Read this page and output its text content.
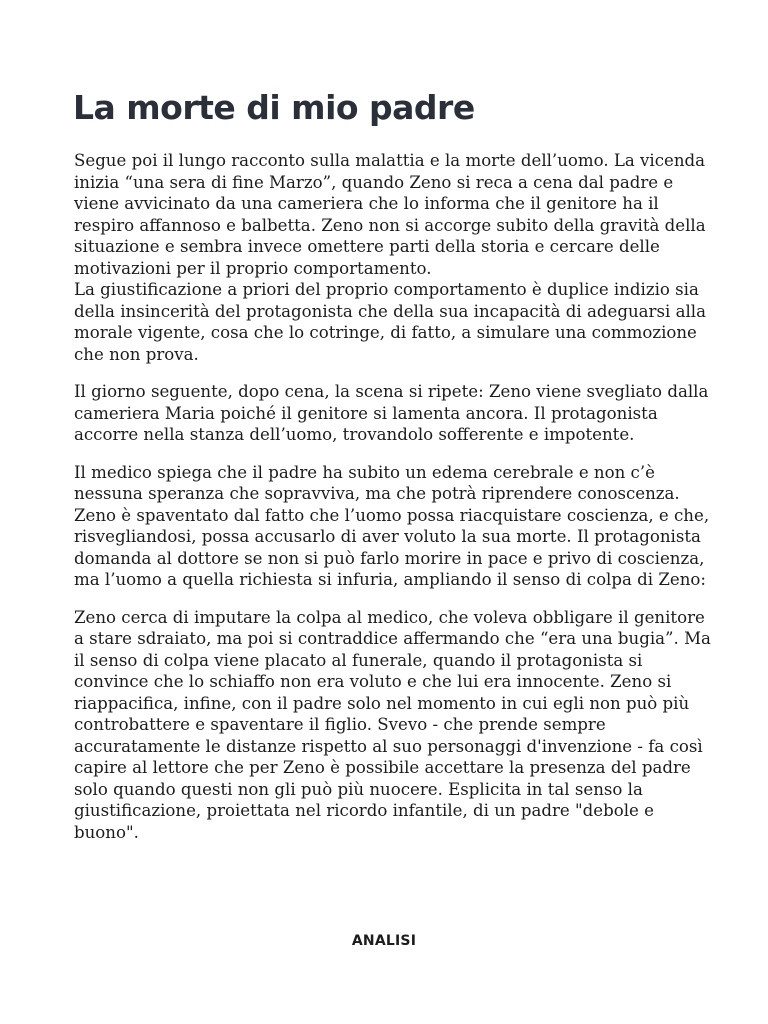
La morte di mio padre

Segue poi il lungo racconto sulla malattia e la morte dell’uomo. La vicenda inizia “una sera di fine Marzo”, quando Zeno si reca a cena dal padre e viene avvicinato da una cameriera che lo informa che il genitore ha il respiro affannoso e balbetta. Zeno non si accorge subito della gravità della situazione e sembra invece omettere parti della storia e cercare delle motivazioni per il proprio comportamento.
La giustificazione a priori del proprio comportamento è duplice indizio sia della insincerità del protagonista che della sua incapacità di adeguarsi alla morale vigente, cosa che lo cotringe, di fatto, a simulare una commozione che non prova.

Il giorno seguente, dopo cena, la scena si ripete: Zeno viene svegliato dalla cameriera Maria poiché il genitore si lamenta ancora. Il protagonista accorre nella stanza dell’uomo, trovandolo sofferente e impotente.

Il medico spiega che il padre ha subito un edema cerebrale e non c’è nessuna speranza che sopravviva, ma che potrà riprendere conoscenza. Zeno è spaventato dal fatto che l’uomo possa riacquistare coscienza, e che, risvegliandosi, possa accusarlo di aver voluto la sua morte. Il protagonista domanda al dottore se non si può farlo morire in pace e privo di coscienza, ma l’uomo a quella richiesta si infuria, ampliando il senso di colpa di Zeno:

Zeno cerca di imputare la colpa al medico, che voleva obbligare il genitore a stare sdraiato, ma poi si contraddice affermando che “era una bugia”. Ma il senso di colpa viene placato al funerale, quando il protagonista si convince che lo schiaffo non era voluto e che lui era innocente. Zeno si riappacifica, infine, con il padre solo nel momento in cui egli non può più controbattere e spaventare il figlio. Svevo - che prende sempre accuratamente le distanze rispetto al suo personaggi d'invenzione - fa così capire al lettore che per Zeno è possibile accettare la presenza del padre solo quando questi non gli può più nuocere. Esplicita in tal senso la giustificazione, proiettata nel ricordo infantile, di un padre "debole e buono".

ANALISI
